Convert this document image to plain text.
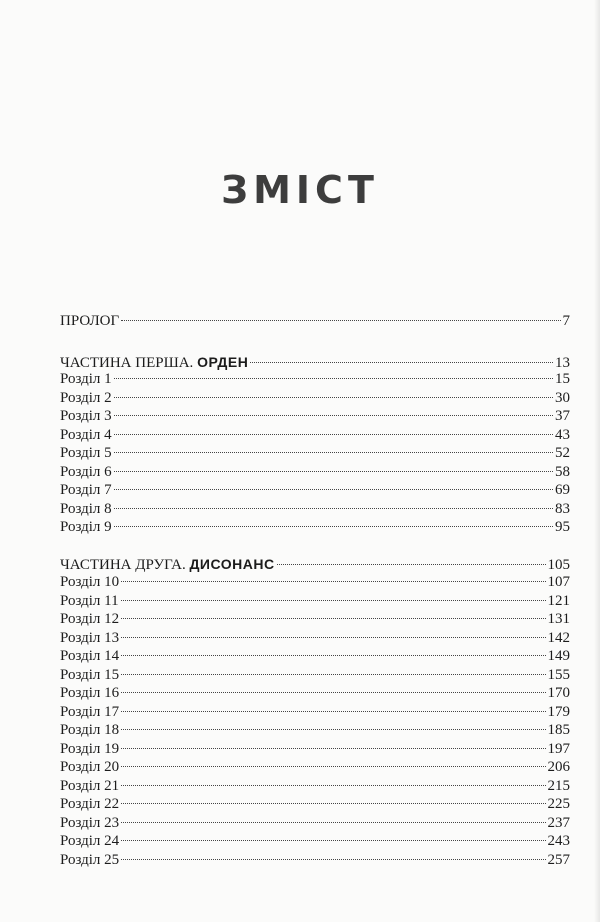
ЗМІСТ
ПРОЛОГ	7
ЧАСТИНА ПЕРША. ОРДЕН	13
Розділ 1	15
Розділ 2	30
Розділ 3	37
Розділ 4	43
Розділ 5	52
Розділ 6	58
Розділ 7	69
Розділ 8	83
Розділ 9	95
ЧАСТИНА ДРУГА. ДИСОНАНС	105
Розділ 10	107
Розділ 11	121
Розділ 12	131
Розділ 13	142
Розділ 14	149
Розділ 15	155
Розділ 16	170
Розділ 17	179
Розділ 18	185
Розділ 19	197
Розділ 20	206
Розділ 21	215
Розділ 22	225
Розділ 23	237
Розділ 24	243
Розділ 25	257
